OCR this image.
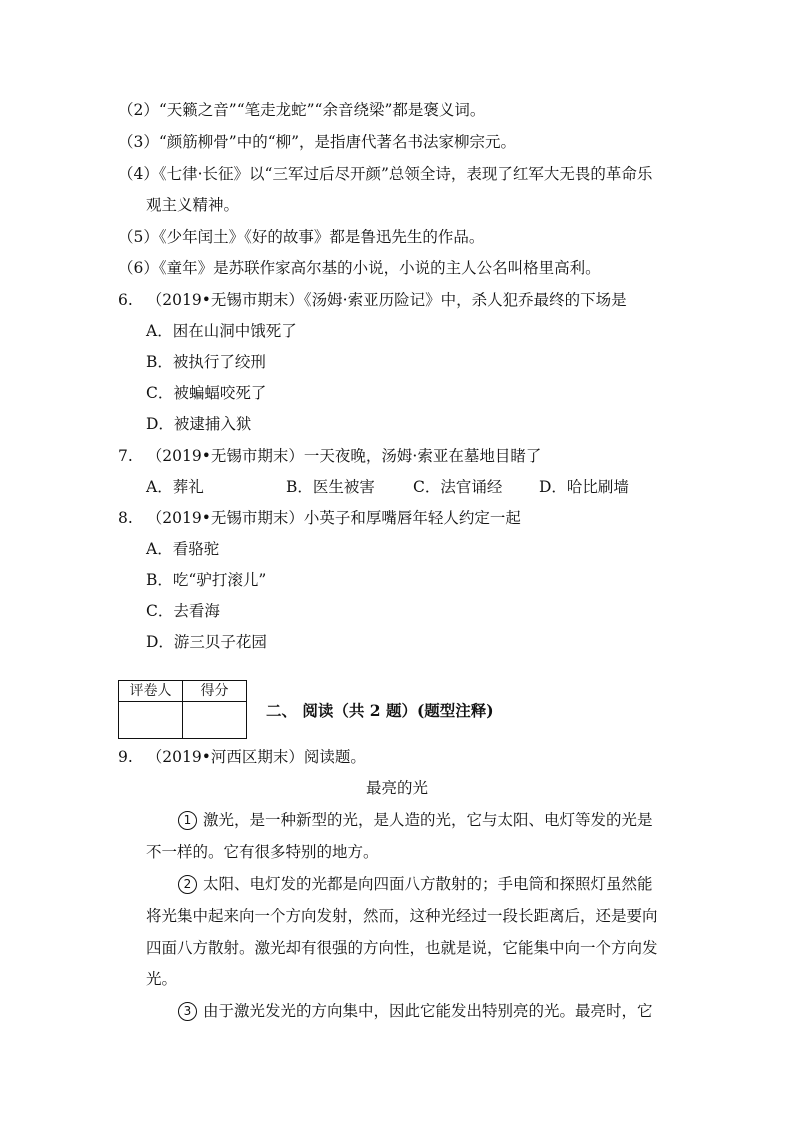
（2）“天籁之音”“笔走龙蛇”“余音绕梁”都是褒义词。
（3）“颜筋柳骨”中的“柳”，是指唐代著名书法家柳宗元。
（4）《七律·长征》以“三军过后尽开颜”总领全诗，表现了红军大无畏的革命乐
观主义精神。
（5）《少年闰土》《好的故事》都是鲁迅先生的作品。
（6）《童年》是苏联作家高尔基的小说，小说的主人公名叫格里高利。
6. （2019•无锡市期末）《汤姆·索亚历险记》中，杀人犯乔最终的下场是
A．困在山洞中饿死了
B．被执行了绞刑
C．被蝙蝠咬死了
D．被逮捕入狱
7. （2019•无锡市期末）一天夜晚，汤姆·索亚在墓地目睹了
A．葬礼	B．医生被害 C．法官诵经 D．哈比刷墙
8. （2019•无锡市期末）小英子和厚嘴唇年轻人约定一起
A．看骆驼
B．吃“驴打滚儿”
C．去看海
D．游三贝子花园
评卷人	得分

二、 阅读（共 2 题）(题型注释)
9. （2019•河西区期末）阅读题。
最亮的光
1 激光，是一种新型的光，是人造的光，它与太阳、电灯等发的光是
不一样的。它有很多特别的地方。
2 太阳、电灯发的光都是向四面八方散射的；手电筒和探照灯虽然能
将光集中起来向一个方向发射，然而，这种光经过一段长距离后，还是要向
四面八方散射。激光却有很强的方向性，也就是说，它能集中向一个方向发
光。
3 由于激光发光的方向集中，因此它能发出特别亮的光。最亮时，它
